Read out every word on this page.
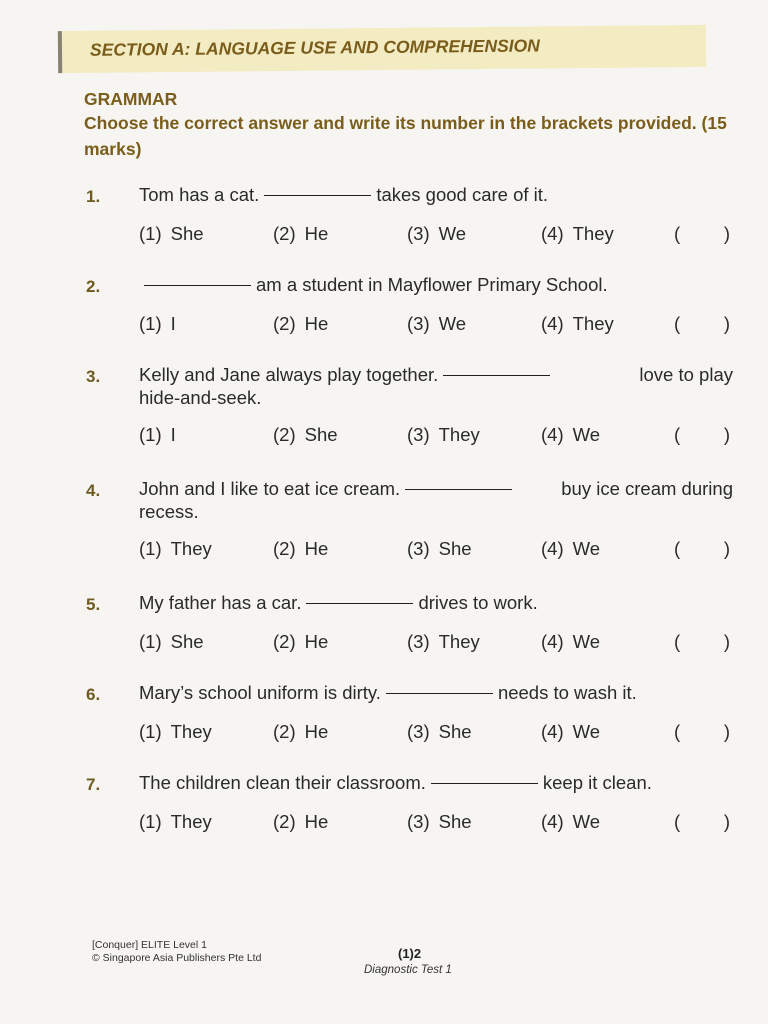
SECTION A: LANGUAGE USE AND COMPREHENSION
GRAMMAR
Choose the correct answer and write its number in the brackets provided. (15 marks)
1. Tom has a cat.	takes good care of it.
(1) She	(2) He	(3) We	(4) They	( )
2.	am a student in Mayflower Primary School.
(1) I	(2) He	(3) We	(4) They	( )
3. Kelly and Jane always play together.	love to play
hide-and-seek.
(1) I	(2) She	(3) They	(4) We	( )
4. John and I like to eat ice cream.	buy ice cream during
recess.
(1) They	(2) He	(3) She	(4) We	( )
5. My father has a car.	drives to work.
(1) She	(2) He	(3) They	(4) We	( )
6. Mary’s school uniform is dirty.	needs to wash it.
(1) They	(2) He	(3) She	(4) We	( )
7. The children clean their classroom.	keep it clean.
(1) They	(2) He	(3) She	(4) We	( )
[Conquer] ELITE Level 1
© Singapore Asia Publishers Pte Ltd	(1)2
Diagnostic Test 1
